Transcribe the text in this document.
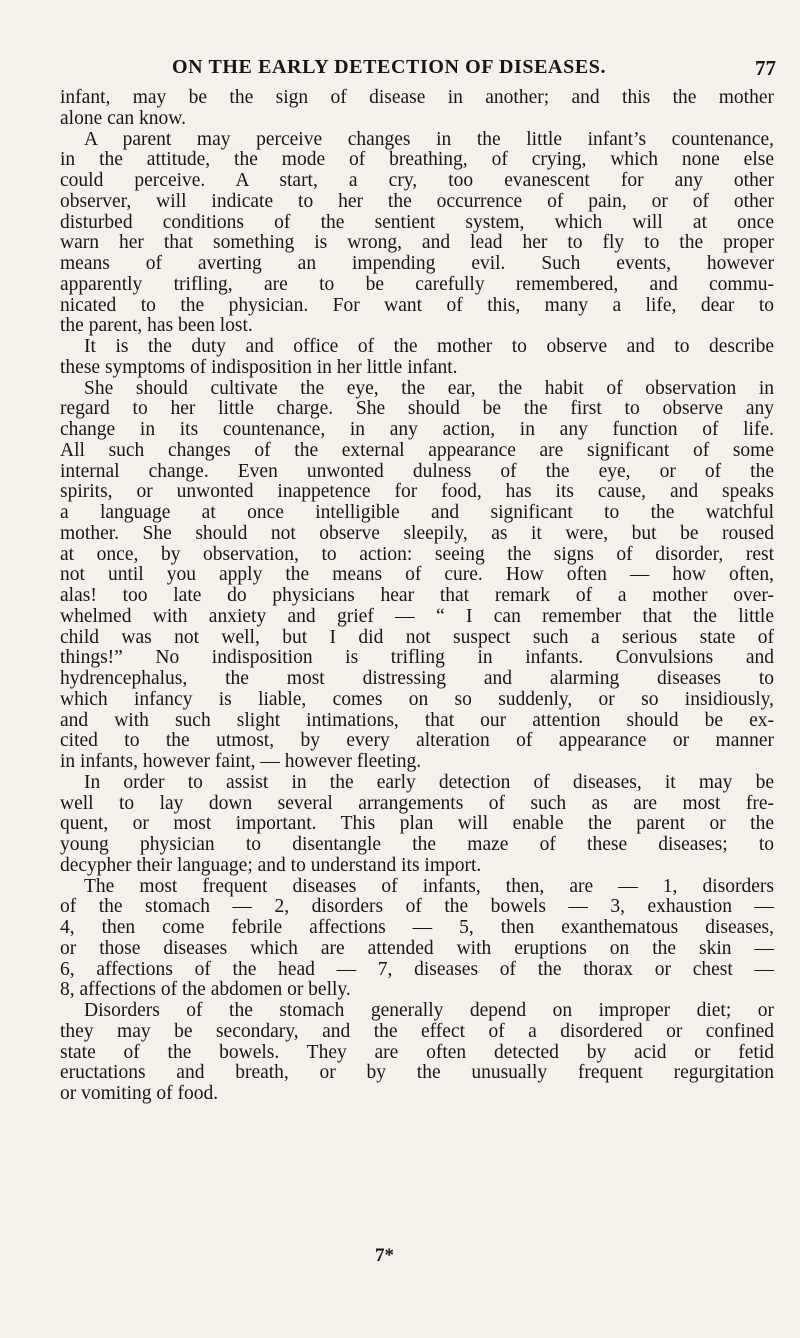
ON THE EARLY DETECTION OF DISEASES.	77
infant, may be the sign of disease in another; and this the mother
alone can know.
A parent may perceive changes in the little infant’s countenance,
in the attitude, the mode of breathing, of crying, which none else
could perceive. A start, a cry, too evanescent for any other
observer, will indicate to her the occurrence of pain, or of other
disturbed conditions of the sentient system, which will at once
warn her that something is wrong, and lead her to fly to the proper
means of averting an impending evil. Such events, however
apparently trifling, are to be carefully remembered, and commu-
nicated to the physician. For want of this, many a life, dear to
the parent, has been lost.
It is the duty and office of the mother to observe and to describe
these symptoms of indisposition in her little infant.
She should cultivate the eye, the ear, the habit of observation in
regard to her little charge. She should be the first to observe any
change in its countenance, in any action, in any function of life.
All such changes of the external appearance are significant of some
internal change. Even unwonted dulness of the eye, or of the
spirits, or unwonted inappetence for food, has its cause, and speaks
a language at once intelligible and significant to the watchful
mother. She should not observe sleepily, as it were, but be roused
at once, by observation, to action: seeing the signs of disorder, rest
not until you apply the means of cure. How often — how often,
alas! too late do physicians hear that remark of a mother over-
whelmed with anxiety and grief — “ I can remember that the little
child was not well, but I did not suspect such a serious state of
things!” No indisposition is trifling in infants. Convulsions and
hydrencephalus, the most distressing and alarming diseases to
which infancy is liable, comes on so suddenly, or so insidiously,
and with such slight intimations, that our attention should be ex-
cited to the utmost, by every alteration of appearance or manner
in infants, however faint, — however fleeting.
In order to assist in the early detection of diseases, it may be
well to lay down several arrangements of such as are most fre-
quent, or most important. This plan will enable the parent or the
young physician to disentangle the maze of these diseases; to
decypher their language; and to understand its import.
The most frequent diseases of infants, then, are — 1, disorders
of the stomach — 2, disorders of the bowels — 3, exhaustion —
4, then come febrile affections — 5, then exanthematous diseases,
or those diseases which are attended with eruptions on the skin —
6, affections of the head — 7, diseases of the thorax or chest —
8, affections of the abdomen or belly.
Disorders of the stomach generally depend on improper diet; or
they may be secondary, and the effect of a disordered or confined
state of the bowels. They are often detected by acid or fetid
eructations and breath, or by the unusually frequent regurgitation
or vomiting of food.
7*
